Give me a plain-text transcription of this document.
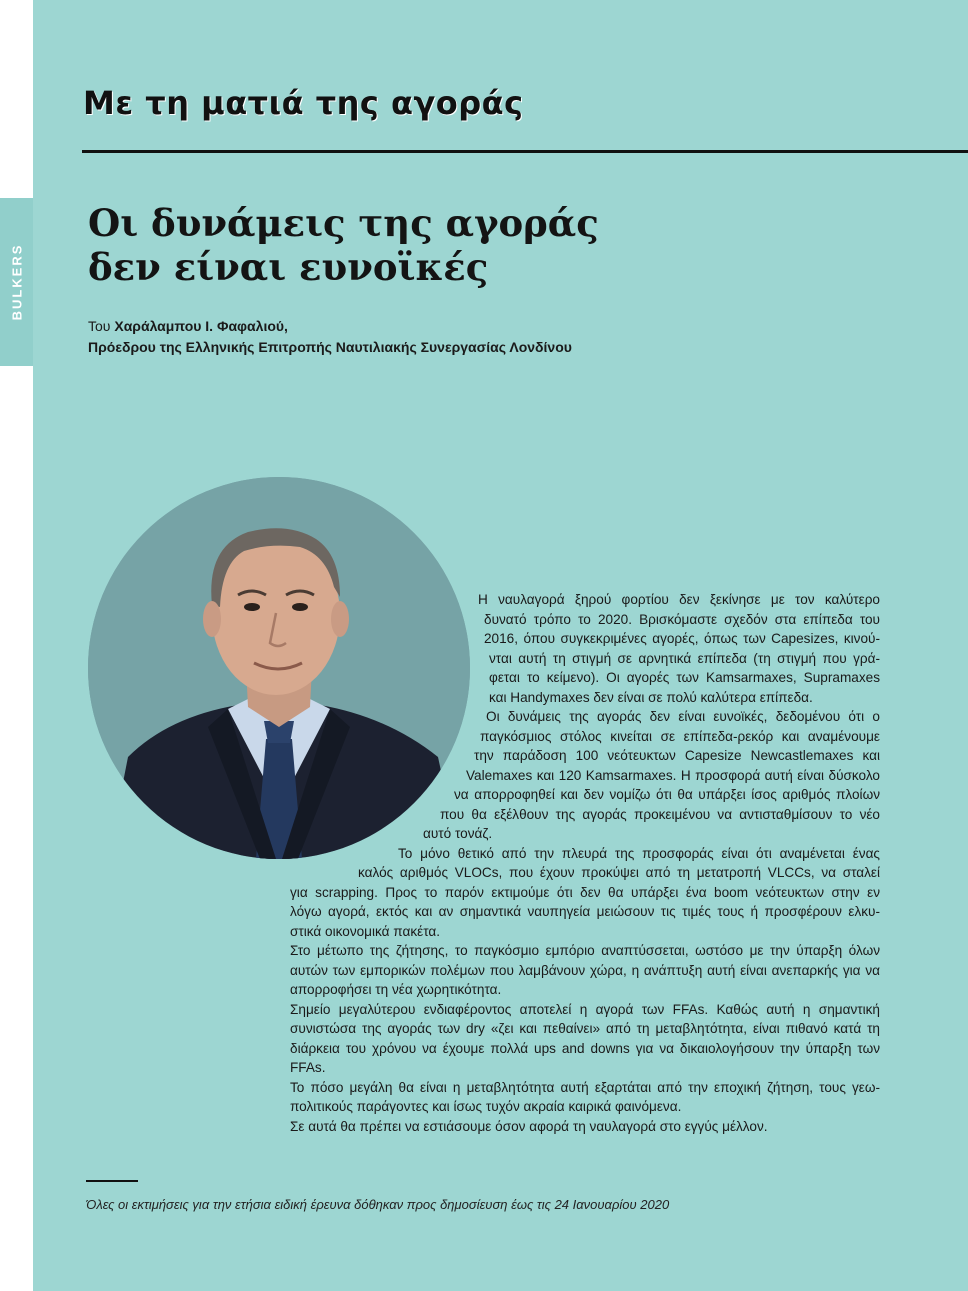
BULKERS
Με τη ματιά της αγοράς
Οι δυνάμεις της αγοράς
δεν είναι ευνοϊκές
Του Χαράλαμπου Ι. Φαφαλιού,
Πρόεδρου της Ελληνικής Επιτροπής Ναυτιλιακής Συνεργασίας Λονδίνου
Η ναυλαγορά ξηρού φορτίου δεν ξεκίνησε με τον καλύτερο
δυνατό τρόπο το 2020. Βρισκόμαστε σχεδόν στα επίπεδα του
2016, όπου συγκεκριμένες αγορές, όπως των Capesizes, κινού-
νται αυτή τη στιγμή σε αρνητικά επίπεδα (τη στιγμή που γρά-
φεται το κείμενο). Οι αγορές των Kamsarmaxes, Supramaxes
και Handymaxes δεν είναι σε πολύ καλύτερα επίπεδα.
Οι δυνάμεις της αγοράς δεν είναι ευνοϊκές, δεδομένου ότι ο
παγκόσμιος στόλος κινείται σε επίπεδα-ρεκόρ και αναμένουμε
την παράδοση 100 νεότευκτων Capesize Newcastlemaxes και
Valemaxes και 120 Kamsarmaxes. Η προσφορά αυτή είναι δύσκολο
να απορροφηθεί και δεν νομίζω ότι θα υπάρξει ίσος αριθμός πλοίων
που θα εξέλθουν της αγοράς προκειμένου να αντισταθμίσουν το νέο
αυτό τονάζ.
Το μόνο θετικό από την πλευρά της προσφοράς είναι ότι αναμένεται ένας
καλός αριθμός VLOCs, που έχουν προκύψει από τη μετατροπή VLCCs, να σταλεί
για scrapping. Προς το παρόν εκτιμούμε ότι δεν θα υπάρξει ένα boom νεότευκτων στην εν
λόγω αγορά, εκτός και αν σημαντικά ναυπηγεία μειώσουν τις τιμές τους ή προσφέρουν ελκυ-
στικά οικονομικά πακέτα.
Στο μέτωπο της ζήτησης, το παγκόσμιο εμπόριο αναπτύσσεται, ωστόσο με την ύπαρξη όλων
αυτών των εμπορικών πολέμων που λαμβάνουν χώρα, η ανάπτυξη αυτή είναι ανεπαρκής για να
απορροφήσει τη νέα χωρητικότητα.
Σημείο μεγαλύτερου ενδιαφέροντος αποτελεί η αγορά των FFAs. Καθώς αυτή η σημαντική
συνιστώσα της αγοράς των dry «ζει και πεθαίνει» από τη μεταβλητότητα, είναι πιθανό κατά τη
διάρκεια του χρόνου να έχουμε πολλά ups and downs για να δικαιολογήσουν την ύπαρξη των
FFAs.
Το πόσο μεγάλη θα είναι η μεταβλητότητα αυτή εξαρτάται από την εποχική ζήτηση, τους γεω-
πολιτικούς παράγοντες και ίσως τυχόν ακραία καιρικά φαινόμενα.
Σε αυτά θα πρέπει να εστιάσουμε όσον αφορά τη ναυλαγορά στο εγγύς μέλλον.
Όλες οι εκτιμήσεις για την ετήσια ειδική έρευνα δόθηκαν προς δημοσίευση έως τις 24 Ιανουαρίου 2020
